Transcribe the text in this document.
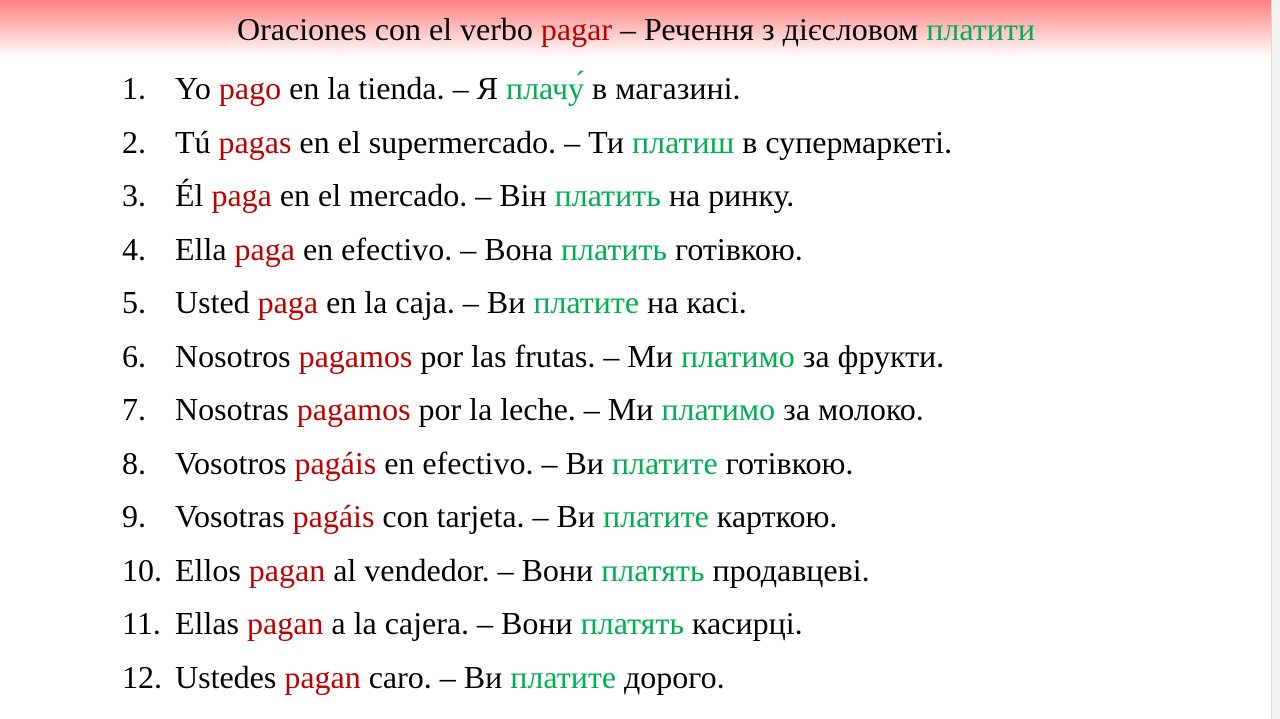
Oraciones con el verbo pagar – Речення з дієсловом платити
1. Yo pago en la tienda. – Я плачу́ в магазині.
2. Tú pagas en el supermercado. – Ти платиш в супермаркеті.
3. Él paga en el mercado. – Він платить на ринку.
4. Ella paga en efectivo. – Вона платить готівкою.
5. Usted paga en la caja. – Ви платите на касі.
6. Nosotros pagamos por las frutas. – Ми платимо за фрукти.
7. Nosotras pagamos por la leche. – Ми платимо за молоко.
8. Vosotros pagáis en efectivo. – Ви платите готівкою.
9. Vosotras pagáis con tarjeta. – Ви платите карткою.
10. Ellos pagan al vendedor. – Вони платять продавцеві.
11. Ellas pagan a la cajera. – Вони платять касирці.
12. Ustedes pagan caro. – Ви платите дорого.
